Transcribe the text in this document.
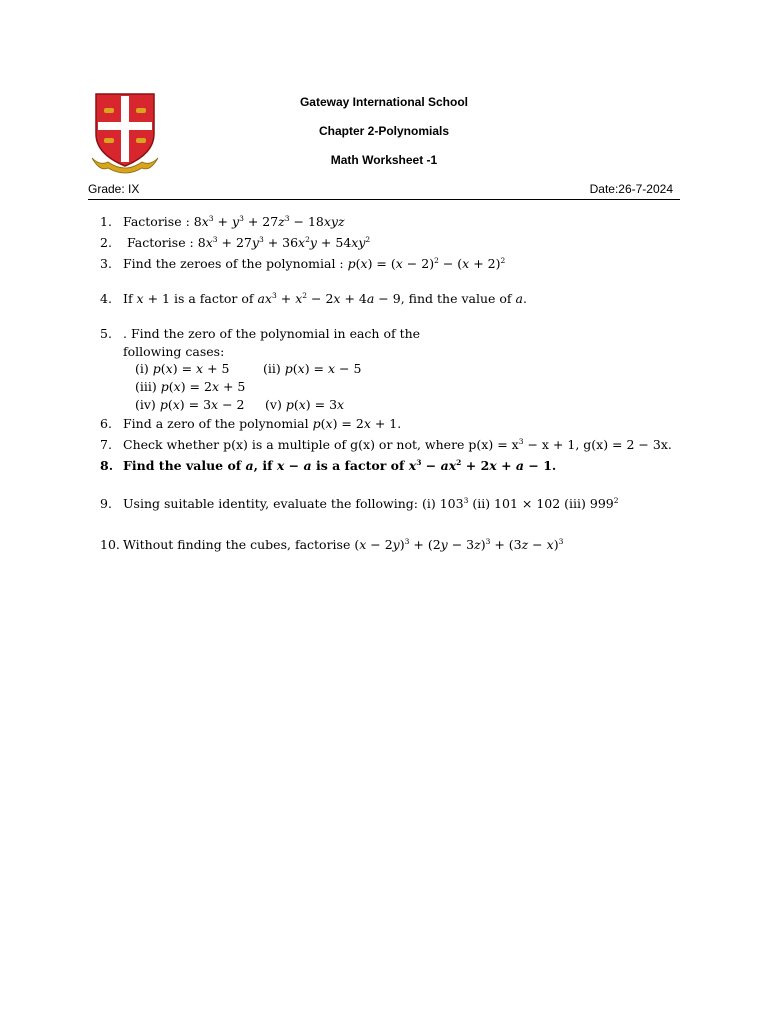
Gateway International School
Chapter 2-Polynomials
Math Worksheet -1
Grade: IX	Date:26-7-2024
1. Factorise : $8x^3 + y^3 + 27z^3 - 18xyz$
2. Factorise : $8x^3 + 27y^3 + 36x^2y + 54xy^2$
3. Find the zeroes of the polynomial : $p(x) = (x - 2)^2 - (x + 2)^2$
4. If x + 1 is a factor of $ax^3 + x^2 - 2x + 4a - 9$, find the value of a.
5. . Find the zero of the polynomial in each of the
following cases:
(i) p(x) = x + 5	(ii) p(x) = x − 5
(iii) p(x) = 2x + 5
(iv) p(x) = 3x − 2 (v) p(x) = 3x
6. Find a zero of the polynomial p(x) = 2x + 1.
7. Check whether p(x) is a multiple of g(x) or not, where $p(x) = x^3 - x + 1$, g(x) = 2 − 3x.
8. Find the value of a, if x − a is a factor of $x^3 - ax^2 + 2x + a - 1$.
9. Using suitable identity, evaluate the following: (i) $103^3$ (ii) 101 × 102 (iii) $999^2$
10. Without finding the cubes, factorise $(x - 2y)^3 + (2y - 3z)^3 + (3z - x)^3$
